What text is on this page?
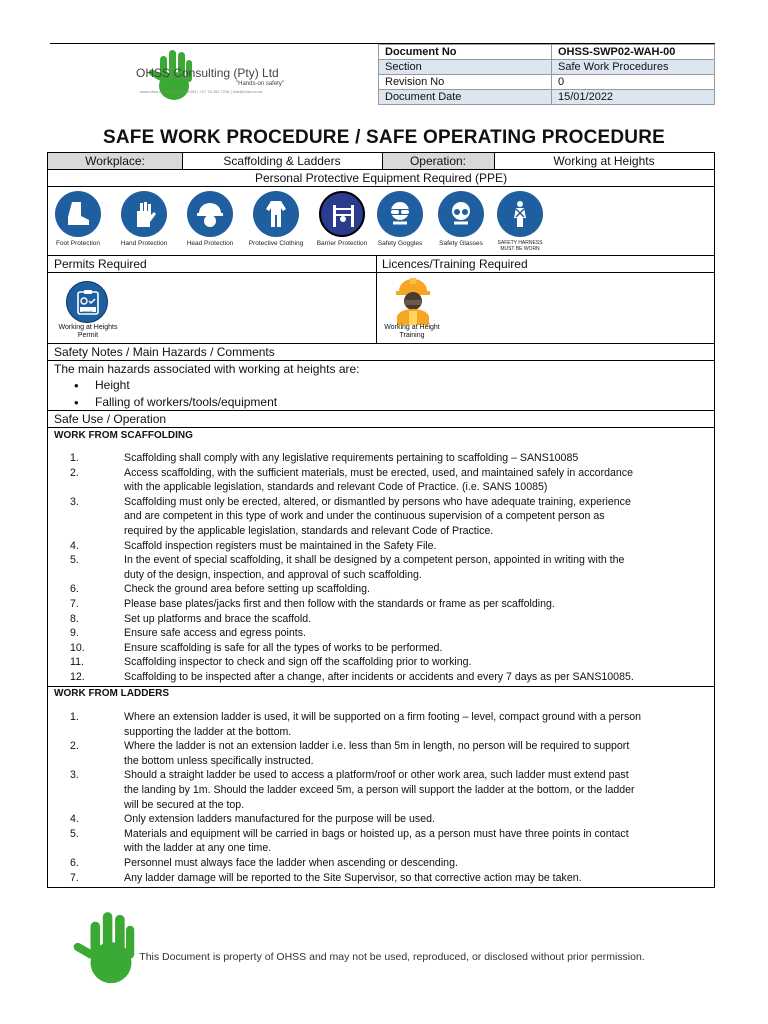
OHSS Consulting (Pty) Ltd
"Hands-on safety"
www.ohss.co.za | 011 025 2059 | +27 78 262 7238 | info@ohss.co.za
Document No	OHSS-SWP02-WAH-00
Section	Safe Work Procedures
Revision No	0
Document Date	15/01/2022
SAFE WORK PROCEDURE / SAFE OPERATING PROCEDURE
Workplace:	Scaffolding & Ladders	Operation:	Working at Heights
Personal Protective Equipment Required (PPE)
Foot Protection	Hand Protection	Head Protection	Protective Clothing	Barrier Protection	Safety Goggles	Safety Glasses	SAFETY HARNESS MUST BE WORN
Permits Required	Licences/Training Required
permit
Working at Heights Permit
Working at Height Training
Safety Notes / Main Hazards / Comments
The main hazards associated with working at heights are:
• Height
• Falling of workers/tools/equipment
Safe Use / Operation
WORK FROM SCAFFOLDING
1.	Scaffolding shall comply with any legislative requirements pertaining to scaffolding – SANS10085
2.	Access scaffolding, with the sufficient materials, must be erected, used, and maintained safely in accordance
with the applicable legislation, standards and relevant Code of Practice. (i.e. SANS 10085)
3.	Scaffolding must only be erected, altered, or dismantled by persons who have adequate training, experience
and are competent in this type of work and under the continuous supervision of a competent person as
required by the applicable legislation, standards and relevant Code of Practice.
4.	Scaffold inspection registers must be maintained in the Safety File.
5.	In the event of special scaffolding, it shall be designed by a competent person, appointed in writing with the
duty of the design, inspection, and approval of such scaffolding.
6.	Check the ground area before setting up scaffolding.
7.	Please base plates/jacks first and then follow with the standards or frame as per scaffolding.
8.	Set up platforms and brace the scaffold.
9.	Ensure safe access and egress points.
10.	Ensure scaffolding is safe for all the types of works to be performed.
11.	Scaffolding inspector to check and sign off the scaffolding prior to working.
12.	Scaffolding to be inspected after a change, after incidents or accidents and every 7 days as per SANS10085.
WORK FROM LADDERS
1.	Where an extension ladder is used, it will be supported on a firm footing – level, compact ground with a person
supporting the ladder at the bottom.
2.	Where the ladder is not an extension ladder i.e. less than 5m in length, no person will be required to support
the bottom unless specifically instructed.
3.	Should a straight ladder be used to access a platform/roof or other work area, such ladder must extend past
the landing by 1m. Should the ladder exceed 5m, a person will support the ladder at the bottom, or the ladder
will be secured at the top.
4.	Only extension ladders manufactured for the purpose will be used.
5.	Materials and equipment will be carried in bags or hoisted up, as a person must have three points in contact
with the ladder at any one time.
6.	Personnel must always face the ladder when ascending or descending.
7.	Any ladder damage will be reported to the Site Supervisor, so that corrective action may be taken.
This Document is property of OHSS and may not be used, reproduced, or disclosed without prior permission.
